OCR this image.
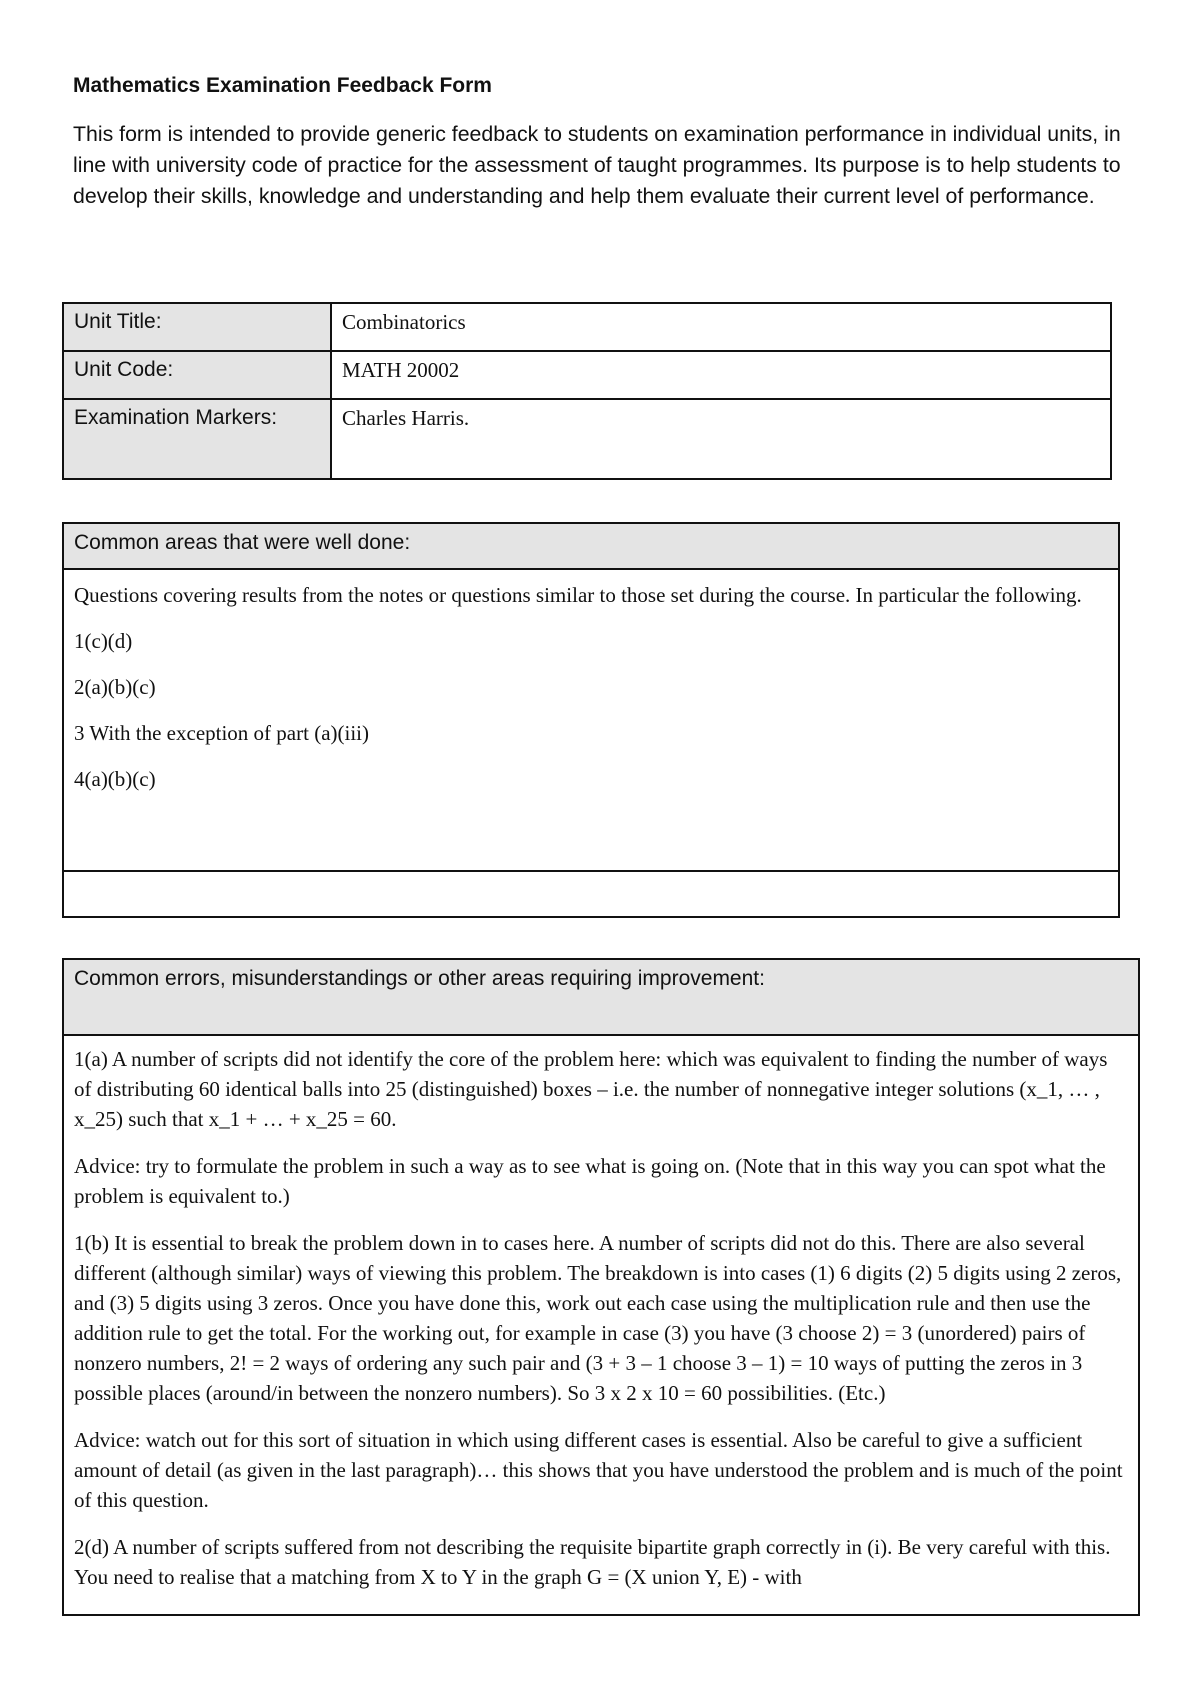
Mathematics Examination Feedback Form
This form is intended to provide generic feedback to students on examination performance in individual units, in line with university code of practice for the assessment of taught programmes. Its purpose is to help students to develop their skills, knowledge and understanding and help them evaluate their current level of performance.
Unit Title:	Combinatorics
Unit Code:	MATH 20002
Examination Markers:	Charles Harris.
Common areas that were well done:

Questions covering results from the notes or questions similar to those set during the course. In particular the following.

1(c)(d)

2(a)(b)(c)

3 With the exception of part (a)(iii)

4(a)(b)(c)

Common errors, misunderstandings or other areas requiring improvement:

1(a) A number of scripts did not identify the core of the problem here: which was equivalent to finding the number of ways of distributing 60 identical balls into 25 (distinguished) boxes – i.e. the number of nonnegative integer solutions (x_1, … , x_25) such that x_1 + … + x_25 = 60.

Advice: try to formulate the problem in such a way as to see what is going on. (Note that in this way you can spot what the problem is equivalent to.)

1(b) It is essential to break the problem down in to cases here. A number of scripts did not do this. There are also several different (although similar) ways of viewing this problem. The breakdown is into cases (1) 6 digits (2) 5 digits using 2 zeros, and (3) 5 digits using 3 zeros. Once you have done this, work out each case using the multiplication rule and then use the addition rule to get the total. For the working out, for example in case (3) you have (3 choose 2) = 3 (unordered) pairs of nonzero numbers, 2! = 2 ways of ordering any such pair and (3 + 3 – 1 choose 3 – 1) = 10 ways of putting the zeros in 3 possible places (around/in between the nonzero numbers). So 3 x 2 x 10 = 60 possibilities. (Etc.)

Advice: watch out for this sort of situation in which using different cases is essential. Also be careful to give a sufficient amount of detail (as given in the last paragraph)… this shows that you have understood the problem and is much of the point of this question.

2(d) A number of scripts suffered from not describing the requisite bipartite graph correctly in (i). Be very careful with this. You need to realise that a matching from X to Y in the graph G = (X union Y, E) - with
